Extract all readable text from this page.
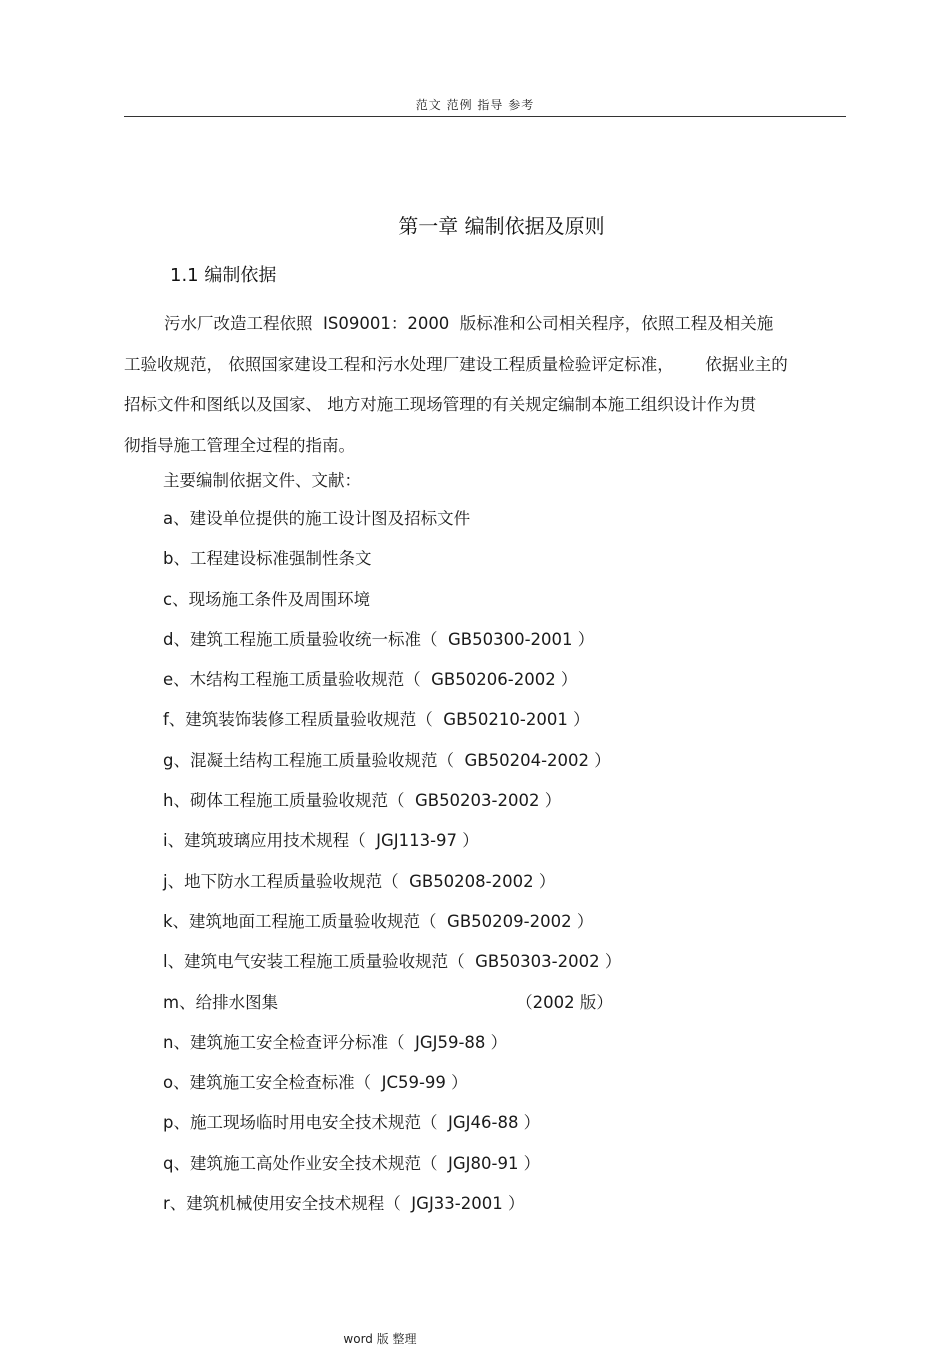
范文 范例 指导 参考
第一章 编制依据及原则
1.1 编制依据
污水厂改造工程依照  IS09001：2000  版标准和公司相关程序，依照工程及相关施
工验收规范， 依照国家建设工程和污水处理厂建设工程质量检验评定标准，      依据业主的
招标文件和图纸以及国家、 地方对施工现场管理的有关规定编制本施工组织设计作为贯
彻指导施工管理全过程的指南。
主要编制依据文件、文献：
a、建设单位提供的施工设计图及招标文件
b、工程建设标准强制性条文
c、现场施工条件及周围环境
d、建筑工程施工质量验收统一标准（  GB50300-2001 ）
e、木结构工程施工质量验收规范（  GB50206-2002 ）
f、建筑装饰装修工程质量验收规范（  GB50210-2001 ）
g、混凝土结构工程施工质量验收规范（  GB50204-2002 ）
h、砌体工程施工质量验收规范（  GB50203-2002 ）
i、建筑玻璃应用技术规程（  JGJ113-97 ）
j、地下防水工程质量验收规范（  GB50208-2002 ）
k、建筑地面工程施工质量验收规范（  GB50209-2002 ）
l、建筑电气安装工程施工质量验收规范（  GB50303-2002 ）
m、给排水图集	（2002 版）
n、建筑施工安全检查评分标准（  JGJ59-88 ）
o、建筑施工安全检查标准（  JC59-99 ）
p、施工现场临时用电安全技术规范（  JGJ46-88 ）
q、建筑施工高处作业安全技术规范（  JGJ80-91 ）
r、建筑机械使用安全技术规程（  JGJ33-2001 ）
word 版 整理
